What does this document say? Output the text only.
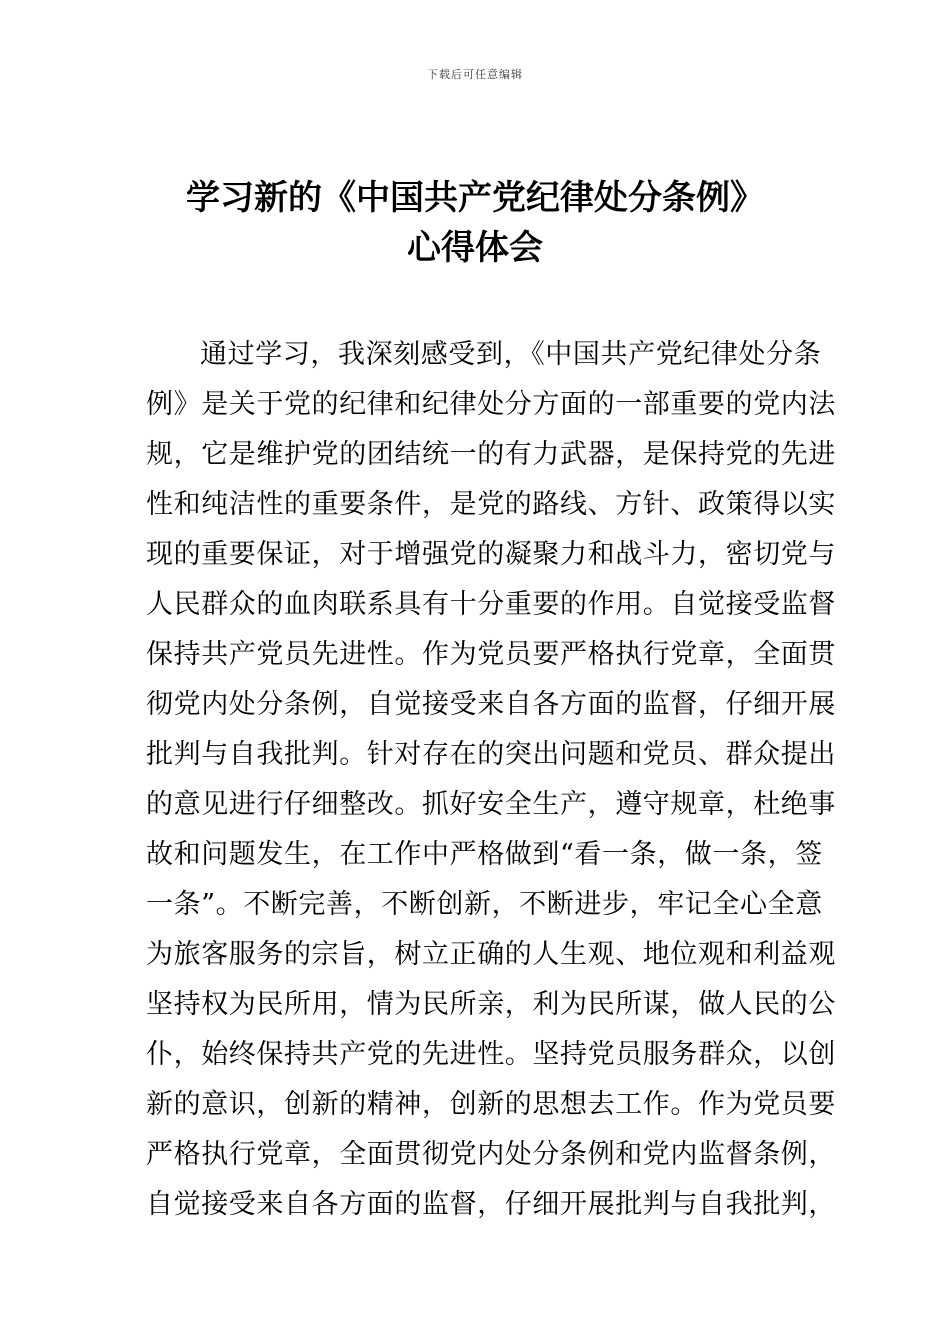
下载后可任意编辑
学习新的《中国共产党纪律处分条例》
心得体会
通过学习，我深刻感受到，《中国共产党纪律处分条
例》是关于党的纪律和纪律处分方面的一部重要的党内法
规，它是维护党的团结统一的有力武器，是保持党的先进
性和纯洁性的重要条件，是党的路线、方针、政策得以实
现的重要保证，对于增强党的凝聚力和战斗力，密切党与
人民群众的血肉联系具有十分重要的作用。自觉接受监督
保持共产党员先进性。作为党员要严格执行党章，全面贯
彻党内处分条例，自觉接受来自各方面的监督，仔细开展
批判与自我批判。针对存在的突出问题和党员、群众提出
的意见进行仔细整改。抓好安全生产，遵守规章，杜绝事
故和问题发生，在工作中严格做到“看一条，做一条，签
一条”。不断完善，不断创新，不断进步，牢记全心全意
为旅客服务的宗旨，树立正确的人生观、地位观和利益观
坚持权为民所用，情为民所亲，利为民所谋，做人民的公
仆，始终保持共产党的先进性。坚持党员服务群众，以创
新的意识，创新的精神，创新的思想去工作。作为党员要
严格执行党章，全面贯彻党内处分条例和党内监督条例，
自觉接受来自各方面的监督，仔细开展批判与自我批判，
